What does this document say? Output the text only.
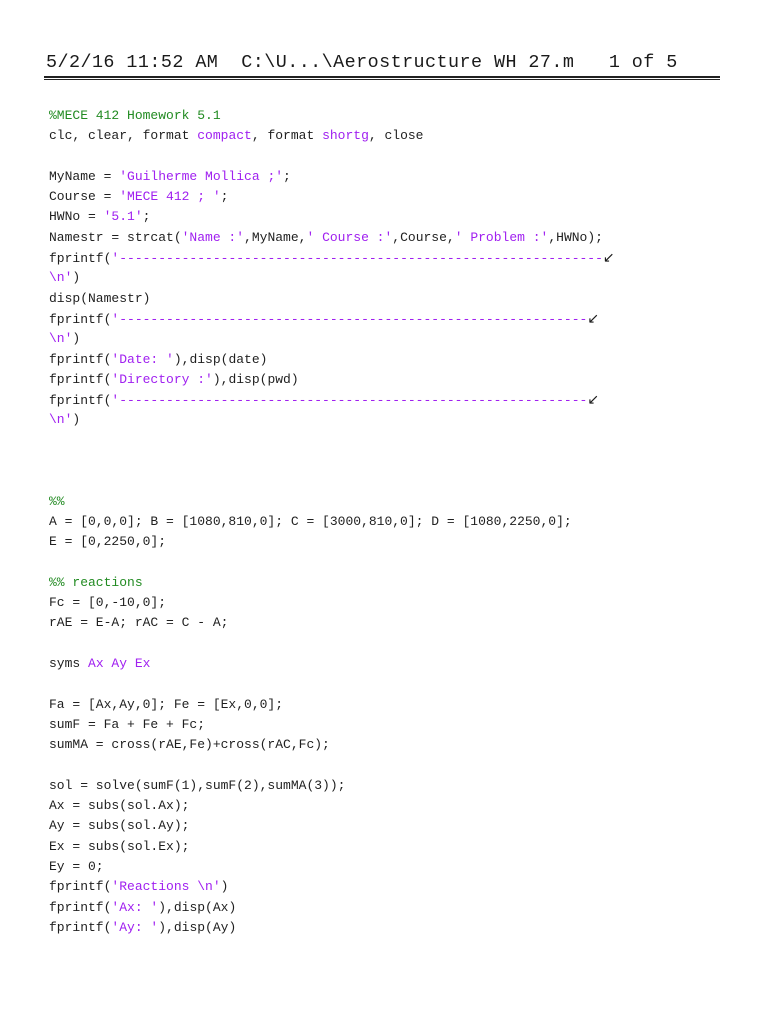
5/2/16 11:52 AM  C:\U...\Aerostructure WH 27.m   1 of 5
%MECE 412 Homework 5.1
clc, clear, format compact, format shortg, close
MyName = 'Guilherme Mollica ;';
Course = 'MECE 412 ; ';
HWNo = '5.1';
Namestr = strcat('Name :',MyName,' Course :',Course,' Problem :',HWNo);
fprintf('--------------------------------------------------------------↙
\n')
disp(Namestr)
fprintf('------------------------------------------------------------↙
\n')
fprintf('Date: '),disp(date)
fprintf('Directory :'),disp(pwd)
fprintf('------------------------------------------------------------↙
\n')
%%
A = [0,0,0]; B = [1080,810,0]; C = [3000,810,0]; D = [1080,2250,0];
E = [0,2250,0];
%% reactions
Fc = [0,-10,0];
rAE = E-A; rAC = C - A;
syms Ax Ay Ex
Fa = [Ax,Ay,0]; Fe = [Ex,0,0];
sumF = Fa + Fe + Fc;
sumMA = cross(rAE,Fe)+cross(rAC,Fc);
sol = solve(sumF(1),sumF(2),sumMA(3));
Ax = subs(sol.Ax);
Ay = subs(sol.Ay);
Ex = subs(sol.Ex);
Ey = 0;
fprintf('Reactions \n')
fprintf('Ax: '),disp(Ax)
fprintf('Ay: '),disp(Ay)
